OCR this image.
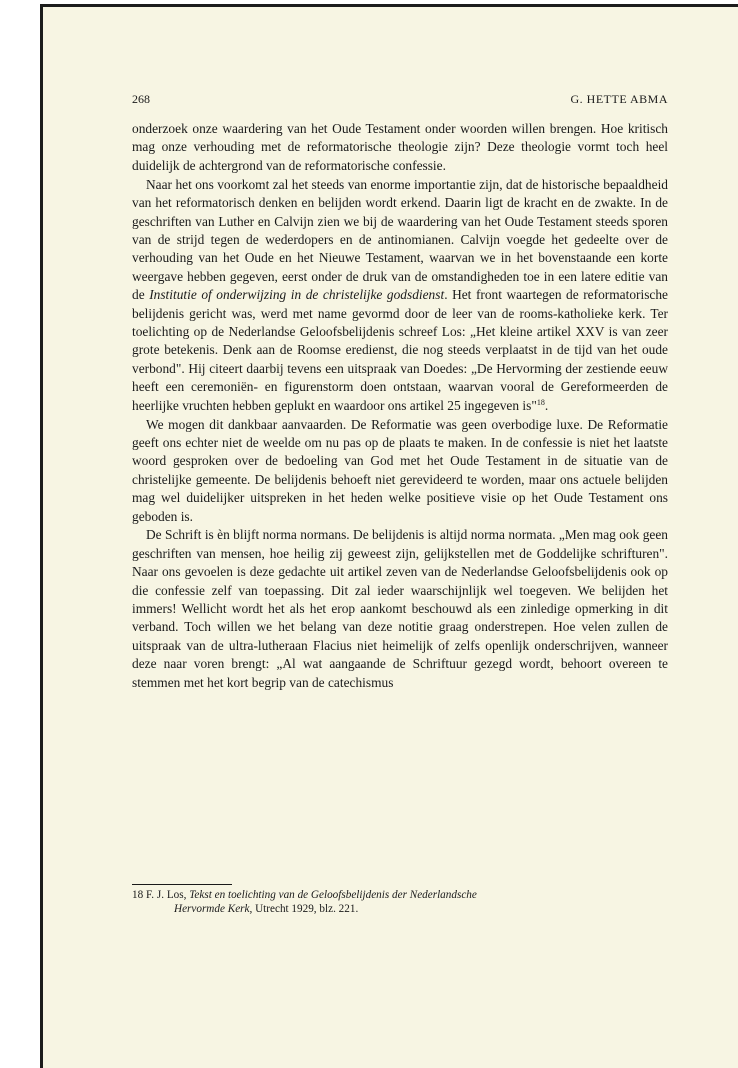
268	G. HETTE ABMA

onderzoek onze waardering van het Oude Testament onder woorden willen brengen. Hoe kritisch mag onze verhouding met de reformatorische theologie zijn? Deze theologie vormt toch heel duidelijk de achtergrond van de reformatorische confessie.

Naar het ons voorkomt zal het steeds van enorme importantie zijn, dat de historische bepaaldheid van het reformatorisch denken en belijden wordt erkend. Daarin ligt de kracht en de zwakte. In de geschriften van Luther en Calvijn zien we bij de waardering van het Oude Testament steeds sporen van de strijd tegen de wederdopers en de antinomianen. Calvijn voegde het gedeelte over de verhouding van het Oude en het Nieuwe Testament, waarvan we in het bovenstaande een korte weergave hebben gegeven, eerst onder de druk van de omstandigheden toe in een latere editie van de Institutie of onderwijzing in de christelijke godsdienst. Het front waartegen de reformatorische belijdenis gericht was, werd met name gevormd door de leer van de rooms-katholieke kerk. Ter toelichting op de Nederlandse Geloofsbelijdenis schreef Los: „Het kleine artikel XXV is van zeer grote betekenis. Denk aan de Roomse eredienst, die nog steeds verplaatst in de tijd van het oude verbond". Hij citeert daarbij tevens een uitspraak van Doedes: „De Hervorming der zestiende eeuw heeft een ceremoniën- en figurenstorm doen ontstaan, waarvan vooral de Gereformeerden de heerlijke vruchten hebben geplukt en waardoor ons artikel 25 ingegeven is"$^{18}$.

We mogen dit dankbaar aanvaarden. De Reformatie was geen overbodige luxe. De Reformatie geeft ons echter niet de weelde om nu pas op de plaats te maken. In de confessie is niet het laatste woord gesproken over de bedoeling van God met het Oude Testament in de situatie van de christelijke gemeente. De belijdenis behoeft niet gerevideerd te worden, maar ons actuele belijden mag wel duidelijker uitspreken in het heden welke positieve visie op het Oude Testament ons geboden is.

De Schrift is èn blijft norma normans. De belijdenis is altijd norma normata. „Men mag ook geen geschriften van mensen, hoe heilig zij geweest zijn, gelijkstellen met de Goddelijke schrifturen". Naar ons gevoelen is deze gedachte uit artikel zeven van de Nederlandse Geloofsbelijdenis ook op die confessie zelf van toepassing. Dit zal ieder waarschijnlijk wel toegeven. We belijden het immers! Wellicht wordt het als het erop aankomt beschouwd als een zinledige opmerking in dit verband. Toch willen we het belang van deze notitie graag onderstrepen. Hoe velen zullen de uitspraak van de ultra-lutheraan Flacius niet heimelijk of zelfs openlijk onderschrijven, wanneer deze naar voren brengt: „Al wat aangaande de Schriftuur gezegd wordt, behoort overeen te stemmen met het kort begrip van de catechismus

18 F. J. Los, Tekst en toelichting van de Geloofsbelijdenis der Nederlandsche
Hervormde Kerk, Utrecht 1929, blz. 221.
